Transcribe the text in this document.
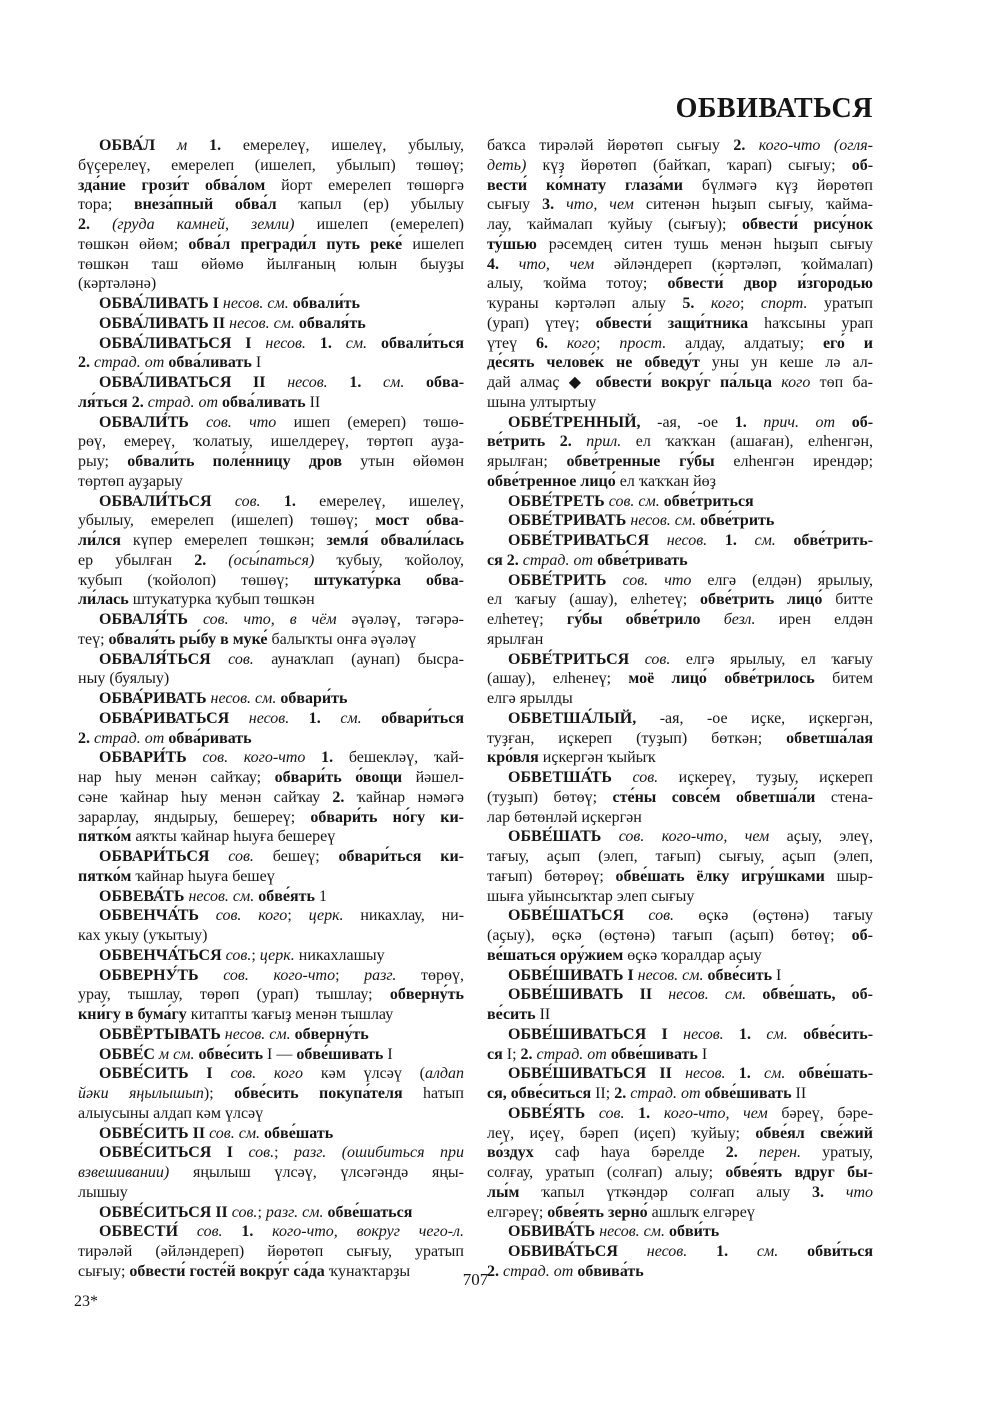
ОБВИВАТЬСЯ
ОБВА́Л м 1. емерелеү, ишелеү, убылыу,
бүҫерелеү, емерелеп (ишелеп, убылып) төшөү;
зда́ние грози́т обва́лом йорт емерелеп төшөргә
тора; внеза́пный обва́л ҡапыл (ер) убылыу
2. (груда камней, земли) ишелеп (емерелеп)
төшкән өйөм; обва́л прегради́л путь реке́ ишелеп
төшкән таш өйөмө йылғаның юлын быуҙы
(кәртәләнә)
ОБВА́ЛИВАТЬ I несов. см. обвали́ть
ОБВА́ЛИВАТЬ II несов. см. обваля́ть
ОБВА́ЛИВАТЬСЯ I несов. 1. см. обвали́ться
2. страд. от обва́ливать I
ОБВА́ЛИВАТЬСЯ II несов. 1. см. обва-
ля́ться 2. страд. от обва́ливать II
ОБВАЛИ́ТЬ сов. что ишеп (емереп) төшө-
рөү, емереү, ҡолатыу, ишелдереү, төртөп ауҙа-
рыу; обвали́ть поле́нницу дров утын өйөмөн
төртөп ауҙарыу
ОБВАЛИ́ТЬСЯ сов. 1. емерелеү, ишелеү,
убылыу, емерелеп (ишелеп) төшөү; мост обва-
ли́лся күпер емерелеп төшкән; земля́ обвали́лась
ер убылған 2. (осы́паться) ҡубыу, ҡойолоу,
ҡубып (ҡойолоп) төшөү; штукату́рка обва-
ли́лась штукатурка ҡубып төшкән
ОБВАЛЯ́ТЬ сов. что, в чём әүәләү, тәгәрә-
теү; обваля́ть ры́бу в муке́ балыҡты онға әүәләү
ОБВАЛЯ́ТЬСЯ сов. аунаҡлап (аунап) бысра-
ныу (буялыу)
ОБВА́РИВАТЬ несов. см. обвари́ть
ОБВА́РИВАТЬСЯ несов. 1. см. обвари́ться
2. страд. от обва́ривать
ОБВАРИ́ТЬ сов. кого-что 1. бешекләү, ҡай-
нар һыу менән сайҡау; обвари́ть о́вощи йәшел-
сәне ҡайнар һыу менән сайҡау 2. ҡайнар нәмәгә
зарарлау, яндырыу, бешереү; обвари́ть но́гу ки-
пятко́м аяҡты ҡайнар һыуға бешереү
ОБВАРИ́ТЬСЯ сов. бешеү; обвари́ться ки-
пятко́м ҡайнар һыуға бешеү
ОБВЕВА́ТЬ несов. см. обве́ять 1
ОБВЕНЧА́ТЬ сов. кого; церк. никахлау, ни-
ках укыу (уҡытыу)
ОБВЕНЧА́ТЬСЯ сов.; церк. никахлашыу
ОБВЕРНУ́ТЬ сов. кого-что; разг. төрөү,
урау, тышлау, төрөп (урап) тышлау; обверну́ть
кни́гу в бума́гу китапты ҡағыҙ менән тышлау
ОБВЁРТЫВАТЬ несов. см. обверну́ть
ОБВЕ́С м см. обве́сить I — обве́шивать I
ОБВЕ́СИТЬ I сов. кого кәм үлсәү (алдап
йәки яңылышып); обве́сить покупа́теля һатып
алыусыны алдап кәм үлсәү
ОБВЕ́СИТЬ II сов. см. обве́шать
ОБВЕ́СИТЬСЯ I сов.; разг. (ошибиться при
взвешивании) яңылыш үлсәү, үлсәгәндә яңы-
лышыу
ОБВЕ́СИТЬСЯ II сов.; разг. см. обве́шаться
ОБВЕСТИ́ сов. 1. кого-что, вокруг чего-л.
тирәләй (әйләндереп) йөрөтөп сығыу, уратып
сығыу; обвести́ госте́й вокру́г са́да ҡунаҡтарҙы
баҡса тирәләй йөрөтөп сығыу 2. кого-что (огля-
деть) күҙ йөрөтөп (байҡап, ҡарап) сығыу; об-
вести́ ко́мнату глаза́ми бүлмәгә күҙ йөрөтөп
сығыу 3. что, чем ситенән һыҙып сығыу, ҡайма-
лау, ҡаймалап ҡуйыу (сығыу); обвести́ рису́нок
ту́шью рәсемдең ситен тушь менән һыҙып сығыу
4. что, чем әйләндереп (кәртәләп, ҡоймалап)
алыу, ҡойма тотоу; обвести́ двор и́згородью
ҡураны кәртәләп алыу 5. кого; спорт. уратып
(урап) үтеү; обвести́ защи́тника һаҡсыны урап
үтеү 6. кого; прост. алдау, алдатыу; его́ и
де́сять челове́к не обведу́т уны ун кеше лә ал-
дай алмаҫ ◆ обвести́ вокру́г па́льца кого төп ба-
шына ултыртыу
ОБВЕ́ТРЕННЫЙ, -ая, -ое 1. прич. от об-
ве́трить 2. прил. ел ҡаҡҡан (ашаған), елһенгән,
ярылған; обве́тренные гу́бы елһенгән ирендәр;
обве́тренное лицо́ ел ҡаҡҡан йөҙ
ОБВЕ́ТРЕТЬ сов. см. обве́триться
ОБВЕ́ТРИВАТЬ несов. см. обве́трить
ОБВЕ́ТРИВАТЬСЯ несов. 1. см. обве́трить-
ся 2. страд. от обве́тривать
ОБВЕ́ТРИТЬ сов. что елгә (елдән) ярылыу,
ел ҡағыу (ашау), елһетеү; обве́трить лицо́ битте
елһетеү; гу́бы обве́трило безл. ирен елдән
ярылған
ОБВЕ́ТРИТЬСЯ сов. елгә ярылыу, ел ҡағыу
(ашау), елһенеү; моё лицо́ обве́трилось битем
елгә ярылды
ОБВЕТША́ЛЫЙ, -ая, -ое иҫке, иҫкергән,
туҙған, иҫкереп (туҙып) бөткән; обветша́лая
кро́вля иҫкергән ҡыйыҡ
ОБВЕТША́ТЬ сов. иҫкереү, туҙыу, иҫкереп
(туҙып) бөтөү; сте́ны совсе́м обветша́ли стена-
лар бөтөнләй иҫкергән
ОБВЕ́ШАТЬ сов. кого-что, чем аҫыу, элеү,
тағыу, аҫып (элеп, тағып) сығыу, аҫып (элеп,
тағып) бөтөрөү; обве́шать ёлку игру́шками шыр-
шыға уйынсыҡтар элеп сығыу
ОБВЕ́ШАТЬСЯ сов. өҫкә (өҫтөнә) тағыу
(аҫыу), өҫкә (өҫтөнә) тағып (аҫып) бөтөү; об-
ве́шаться ору́жием өҫкә ҡоралдар аҫыу
ОБВЕ́ШИВАТЬ I несов. см. обве́сить I
ОБВЕ́ШИВАТЬ II несов. см. обве́шать, об-
ве́сить II
ОБВЕ́ШИВАТЬСЯ I несов. 1. см. обве́сить-
ся I; 2. страд. от обве́шивать I
ОБВЕ́ШИВАТЬСЯ II несов. 1. см. обве́шать-
ся, обве́ситься II; 2. страд. от обве́шивать II
ОБВЕ́ЯТЬ сов. 1. кого-что, чем бәреү, бәре-
леү, иҫеү, бәреп (иҫеп) ҡуйыу; обве́ял све́жий
во́здух саф һауа бәрелде 2. перен. уратыу,
солғау, уратып (солғап) алыу; обве́ять вдруг бы-
лы́м ҡапыл үткәндәр солғап алыу 3. что
елгәреү; обве́ять зерно́ ашлыҡ елгәреү
ОБВИВА́ТЬ несов. см. обви́ть
ОБВИВА́ТЬСЯ несов. 1. см. обви́ться
2. страд. от обвива́ть
707
23*
